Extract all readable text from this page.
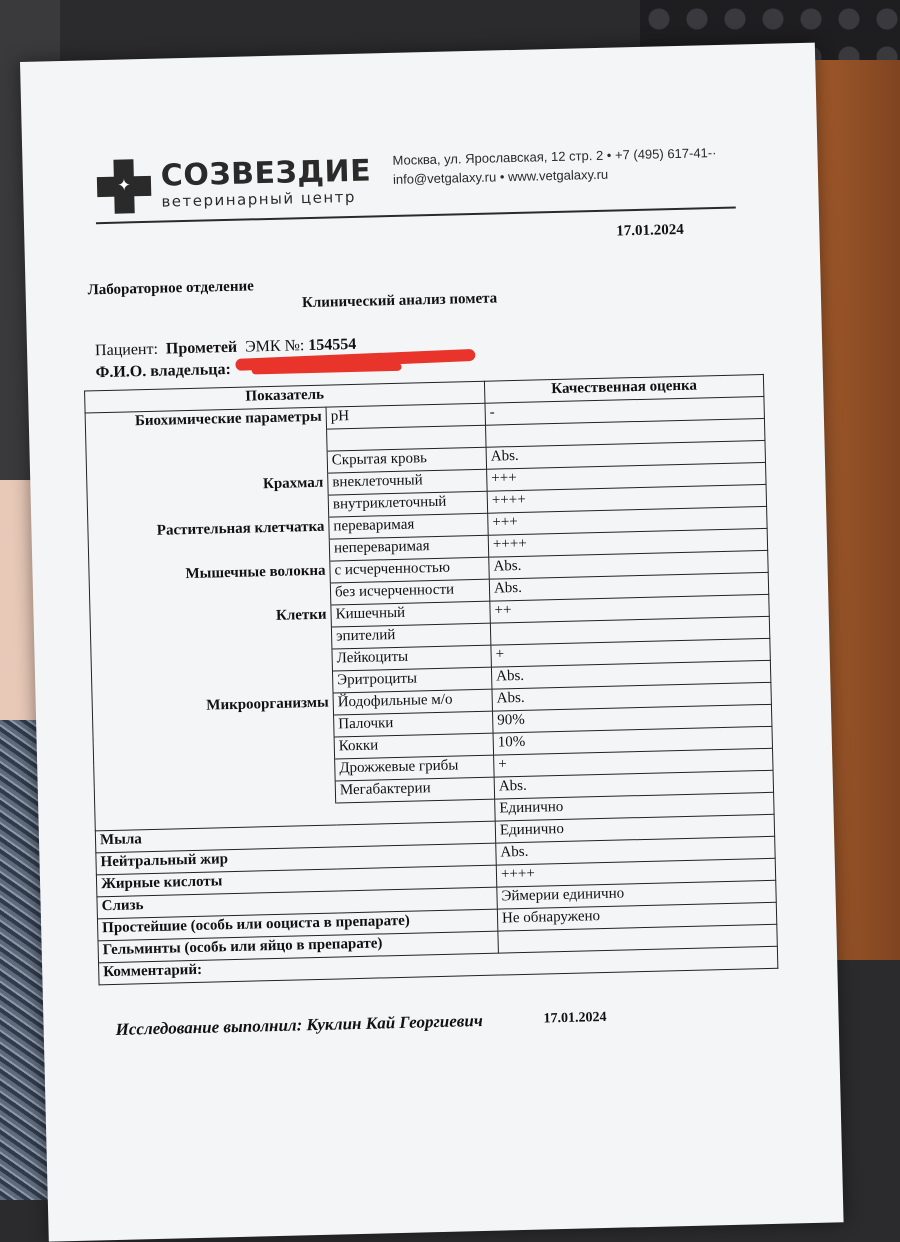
✦ СОЗВЕЗДИЕ
ветеринарный центр
Москва, ул. Ярославская, 12 стр. 2 • +7 (495) 617-41-·
info@vetgalaxy.ru • www.vetgalaxy.ru
17.01.2024
Лабораторное отделение
Клинический анализ помета
Пациент: Прометей ЭМК №: 154554
Ф.И.О. владельца:
Показатель		Качественная оценка
Биохимические параметры	pH	-

	Скрытая кровь	Abs.
Крахмал	внеклеточный	+++
	внутриклеточный	++++
Растительная клетчатка	переваримая	+++
	непереваримая	++++
Мышечные волокна	с исчерченностью	Abs.
	без исчерченности	Abs.
Клетки	Кишечный	++
	эпителий	
	Лейкоциты	+
	Эритроциты	Abs.
Микроорганизмы	Йодофильные м/о	Abs.
	Палочки	90%
	Кокки	10%
	Дрожжевые грибы	+
	Мегабактерии	Abs.
		Единично
Мыла		Единично
Нейтральный жир		Abs.
Жирные кислоты		++++
Слизь		Эймерии единично
Простейшие (особь или ооциста в препарате)		Не обнаружено
Гельминты (особь или яйцо в препарате)		
Комментарий:		
Исследование выполнил: Куклин Кай Георгиевич	17.01.2024
